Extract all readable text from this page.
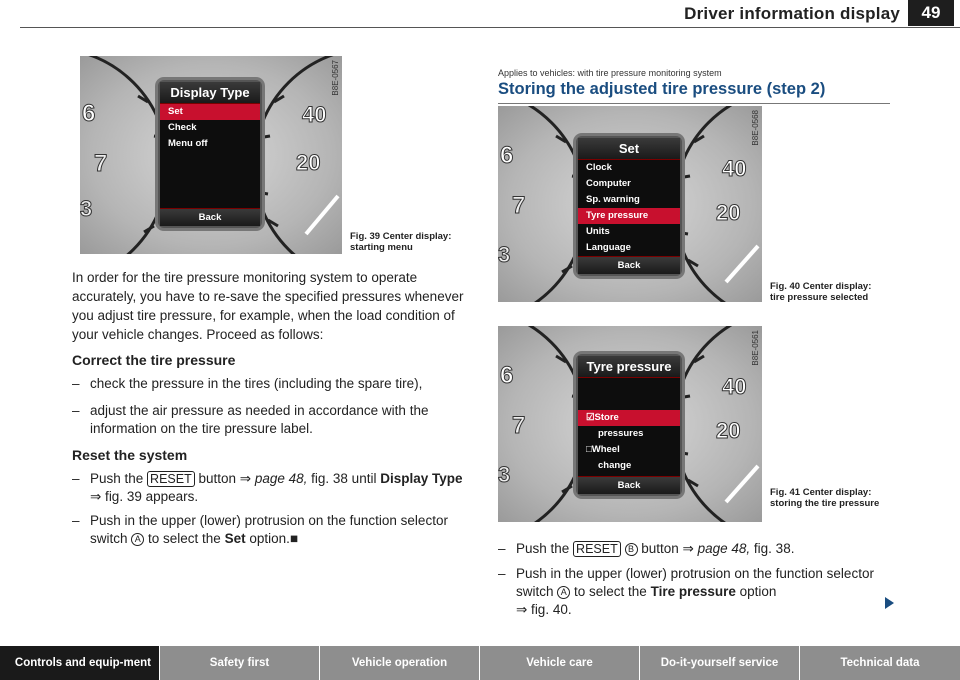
Driver information display	49
6
7
3
40
20
B8E-0567
Display Type
Set
Check
Menu off
Back
Fig. 39 Center display: starting menu
In order for the tire pressure monitoring system to operate accurately, you have to re-save the specified pressures whenever you adjust tire pressure, for example, when the load condition of your vehicle changes. Proceed as follows:
Correct the tire pressure
– check the pressure in the tires (including the spare tire),
– adjust the air pressure as needed in accordance with the information on the tire pressure label.
Reset the system
– Push the RESET button ⇒ page 48, fig. 38 until Display Type ⇒ fig. 39 appears.
– Push in the upper (lower) protrusion on the function selector switch A to select the Set option.■
Applies to vehicles: with tire pressure monitoring system
Storing the adjusted tire pressure (step 2)
6
7
3
40
20
B8E-0568
Set
Clock
Computer
Sp. warning
Tyre pressure
Units
Language
Back
Fig. 40 Center display: tire pressure selected
6
7
3
40
20
B8E-0561
Tyre pressure
☑Store
pressures
□Wheel
change
Back
Fig. 41 Center display: storing the tire pressure
– Push the RESET B button ⇒ page 48, fig. 38.
– Push in the upper (lower) protrusion on the function selector switch A to select the Tire pressure option
⇒ fig. 40.
Controls and equip-ment	Safety first	Vehicle operation	Vehicle care	Do-it-yourself service	Technical data
